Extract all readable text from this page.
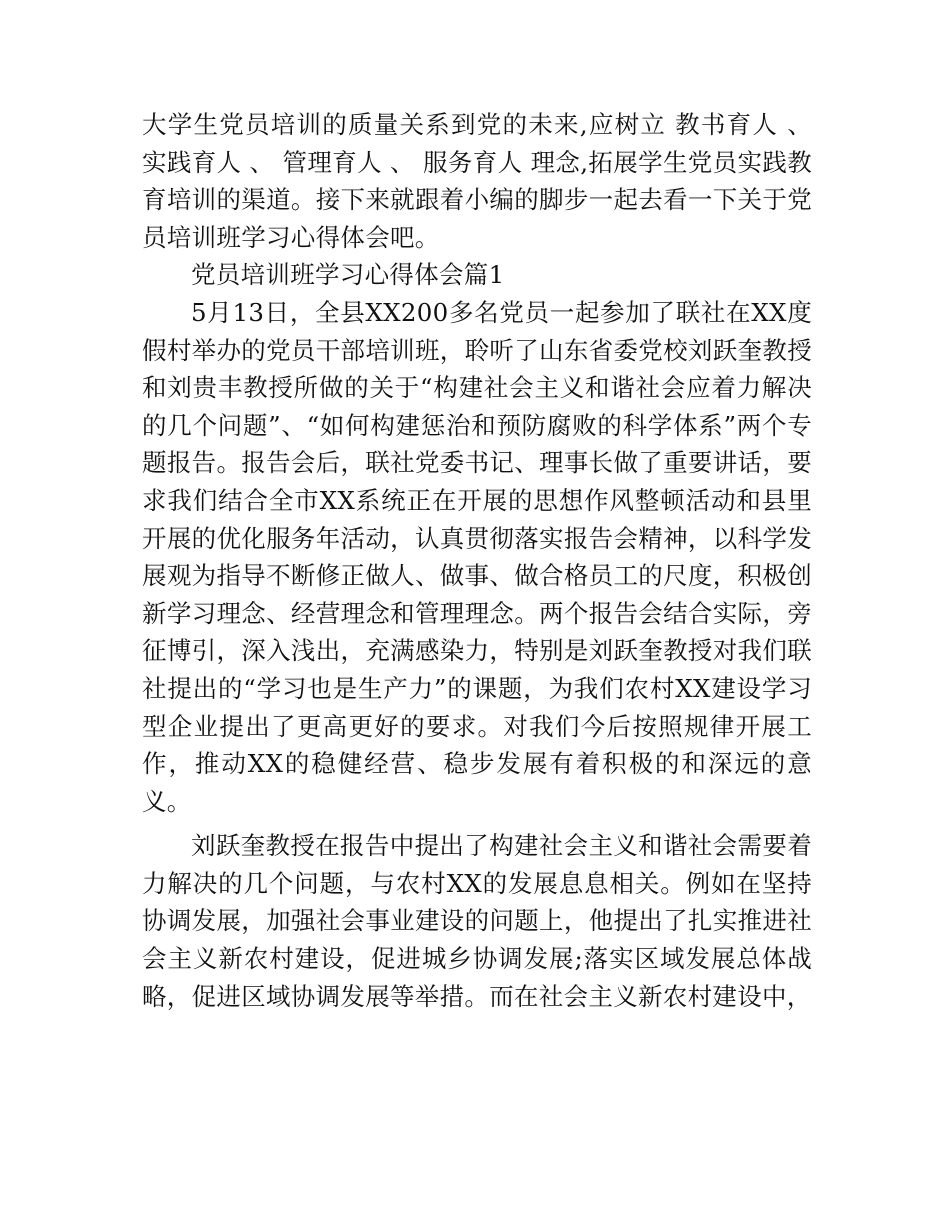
大学生党员培训的质量关系到党的未来,应树立 教书育人 、 实践育人 、 管理育人 、 服务育人 理念,拓展学生党员实践教育培训的渠道。接下来就跟着小编的脚步一起去看一下关于党员培训班学习心得体会吧。

党员培训班学习心得体会篇1

5月13日，全县XX200多名党员一起参加了联社在XX度假村举办的党员干部培训班，聆听了山东省委党校刘跃奎教授和刘贵丰教授所做的关于“构建社会主义和谐社会应着力解决的几个问题”、“如何构建惩治和预防腐败的科学体系”两个专题报告。报告会后，联社党委书记、理事长做了重要讲话，要求我们结合全市XX系统正在开展的思想作风整顿活动和县里开展的优化服务年活动，认真贯彻落实报告会精神，以科学发展观为指导不断修正做人、做事、做合格员工的尺度，积极创新学习理念、经营理念和管理理念。两个报告会结合实际，旁征博引，深入浅出，充满感染力，特别是刘跃奎教授对我们联社提出的“学习也是生产力”的课题，为我们农村XX建设学习型企业提出了更高更好的要求。对我们今后按照规律开展工作，推动XX的稳健经营、稳步发展有着积极的和深远的意义。

刘跃奎教授在报告中提出了构建社会主义和谐社会需要着力解决的几个问题，与农村XX的发展息息相关。例如在坚持协调发展，加强社会事业建设的问题上，他提出了扎实推进社会主义新农村建设，促进城乡协调发展;落实区域发展总体战略，促进区域协调发展等举措。而在社会主义新农村建设中，
